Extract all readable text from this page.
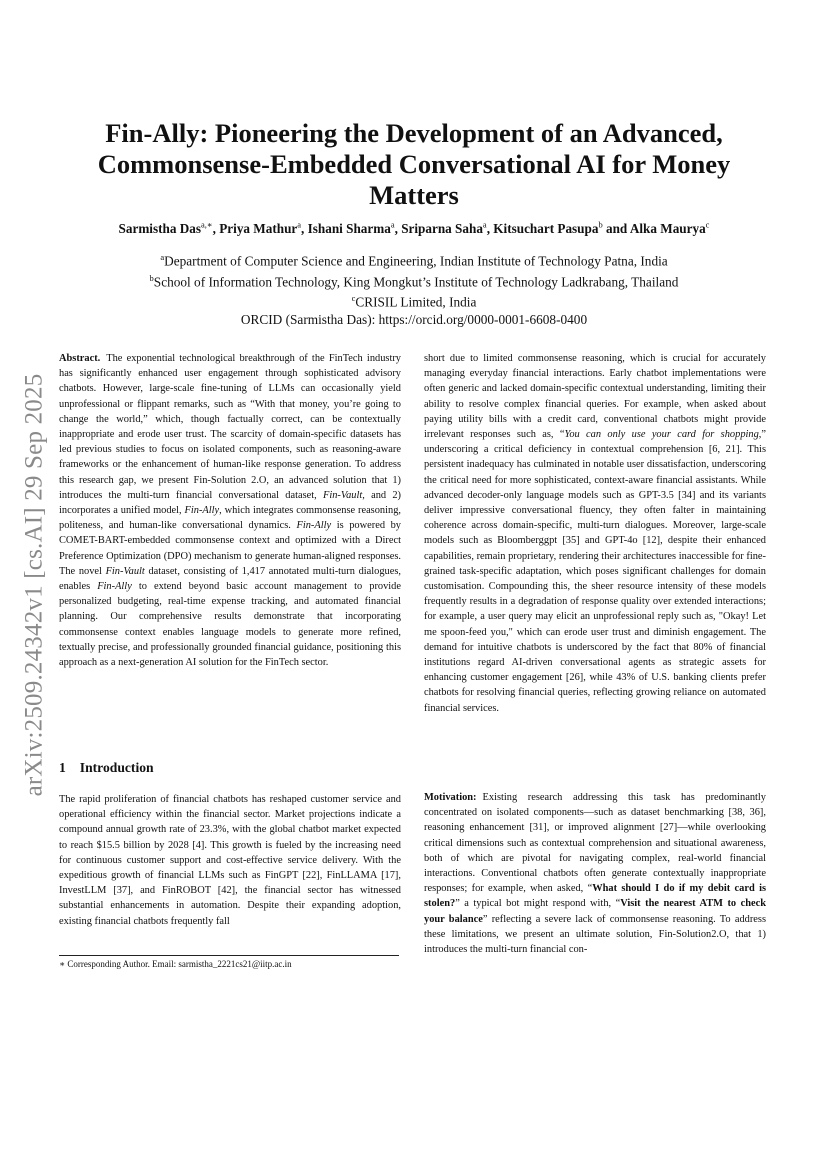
arXiv:2509.24342v1 [cs.AI] 29 Sep 2025
Fin-Ally: Pioneering the Development of an Advanced, Commonsense-Embedded Conversational AI for Money Matters
Sarmistha Das$^{a,∗}$, Priya Mathur$^a$, Ishani Sharma$^a$, Sriparna Saha$^a$, Kitsuchart Pasupa$^b$ and Alka Maurya$^c$
$^a$Department of Computer Science and Engineering, Indian Institute of Technology Patna, India
$^b$School of Information Technology, King Mongkut’s Institute of Technology Ladkrabang, Thailand
$^c$CRISIL Limited, India
ORCID (Sarmistha Das): https://orcid.org/0000-0001-6608-0400

Abstract. The exponential technological breakthrough of the FinTech industry has significantly enhanced user engagement through sophisticated advisory chatbots. However, large-scale fine-tuning of LLMs can occasionally yield unprofessional or flippant remarks, such as “With that money, you’re going to change the world,” which, though factually correct, can be contextually inappropriate and erode user trust. The scarcity of domain-specific datasets has led previous studies to focus on isolated components, such as reasoning-aware frameworks or the enhancement of human-like response generation. To address this research gap, we present Fin-Solution 2.O, an advanced solution that 1) introduces the multi-turn financial conversational dataset, Fin-Vault, and 2) incorporates a unified model, Fin-Ally, which integrates commonsense reasoning, politeness, and human-like conversational dynamics. Fin-Ally is powered by COMET-BART-embedded commonsense context and optimized with a Direct Preference Optimization (DPO) mechanism to generate human-aligned responses. The novel Fin-Vault dataset, consisting of 1,417 annotated multi-turn dialogues, enables Fin-Ally to extend beyond basic account management to provide personalized budgeting, real-time expense tracking, and automated financial planning. Our comprehensive results demonstrate that incorporating commonsense context enables language models to generate more refined, textually precise, and professionally grounded financial guidance, positioning this approach as a next-generation AI solution for the FinTech sector.

1 Introduction

The rapid proliferation of financial chatbots has reshaped customer service and operational efficiency within the financial sector. Market projections indicate a compound annual growth rate of 23.3%, with the global chatbot market expected to reach $15.5 billion by 2028 [4]. This growth is fueled by the increasing need for continuous customer support and cost-effective service delivery. With the expeditious growth of financial LLMs such as FinGPT [22], FinLLAMA [17], InvestLLM [37], and FinROBOT [42], the financial sector has witnessed substantial enhancements in automation. Despite their expanding adoption, existing financial chatbots frequently fall

∗ Corresponding Author. Email: sarmistha_2221cs21@iitp.ac.in

short due to limited commonsense reasoning, which is crucial for accurately managing everyday financial interactions. Early chatbot implementations were often generic and lacked domain-specific contextual understanding, limiting their ability to resolve complex financial queries. For example, when asked about paying utility bills with a credit card, conventional chatbots might provide irrelevant responses such as, “You can only use your card for shopping,” underscoring a critical deficiency in contextual comprehension [6, 21]. This persistent inadequacy has culminated in notable user dissatisfaction, underscoring the critical need for more sophisticated, context-aware financial assistants. While advanced decoder-only language models such as GPT-3.5 [34] and its variants deliver impressive conversational fluency, they often falter in maintaining coherence across domain-specific, multi-turn dialogues. Moreover, large-scale models such as Bloomberggpt [35] and GPT-4o [12], despite their enhanced capabilities, remain proprietary, rendering their architectures inaccessible for fine-grained task-specific adaptation, which poses significant challenges for domain customisation. Compounding this, the sheer resource intensity of these models frequently results in a degradation of response quality over extended interactions; for example, a user query may elicit an unprofessional reply such as, "Okay! Let me spoon-feed you," which can erode user trust and diminish engagement. The demand for intuitive chatbots is underscored by the fact that 80% of financial institutions regard AI-driven conversational agents as strategic assets for enhancing customer engagement [26], while 43% of U.S. banking clients prefer chatbots for resolving financial queries, reflecting growing reliance on automated financial services.

Motivation: Existing research addressing this task has predominantly concentrated on isolated components—such as dataset benchmarking [38, 36], reasoning enhancement [31], or improved alignment [27]—while overlooking critical dimensions such as contextual comprehension and situational awareness, both of which are pivotal for navigating complex, real-world financial interactions. Conventional chatbots often generate contextually inappropriate responses; for example, when asked, “What should I do if my debit card is stolen?” a typical bot might respond with, “Visit the nearest ATM to check your balance” reflecting a severe lack of commonsense reasoning. To address these limitations, we present an ultimate solution, Fin-Solution2.O, that 1) introduces the multi-turn financial con-
